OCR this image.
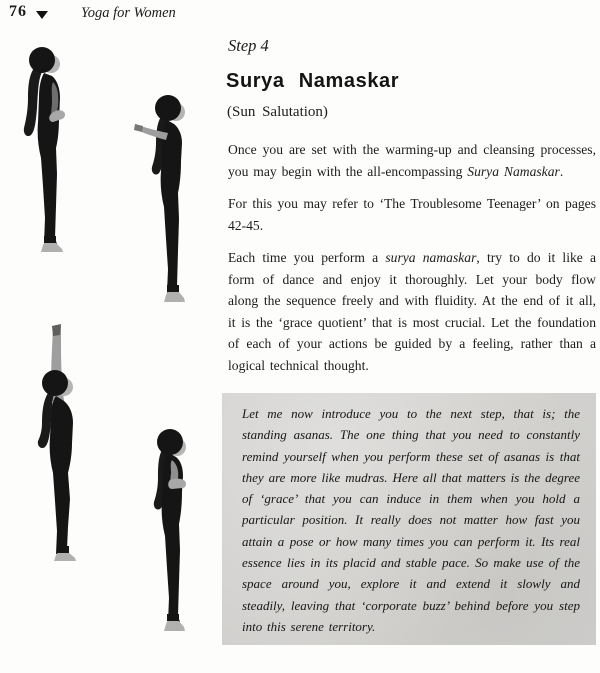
76	Yoga for Women
Step 4
Surya Namaskar
(Sun Salutation)

Once you are set with the warming-up and cleansing processes, you may begin with the all-encompassing Surya Namaskar.

For this you may refer to ‘The Troublesome Teenager’ on pages 42-45.

Each time you perform a surya namaskar, try to do it like a form of dance and enjoy it thoroughly. Let your body flow along the sequence freely and with fluidity. At the end of it all, it is the ‘grace quotient’ that is most crucial. Let the foundation of each of your actions be guided by a feeling, rather than a logical technical thought.

Let me now introduce you to the next step, that is; the standing asanas. The one thing that you need to constantly remind yourself when you perform these set of asanas is that they are more like mudras. Here all that matters is the degree of ‘grace’ that you can induce in them when you hold a particular position. It really does not matter how fast you attain a pose or how many times you can perform it. Its real essence lies in its placid and stable pace. So make use of the space around you, explore it and extend it slowly and steadily, leaving that ‘corporate buzz’ behind before you step into this serene territory.
